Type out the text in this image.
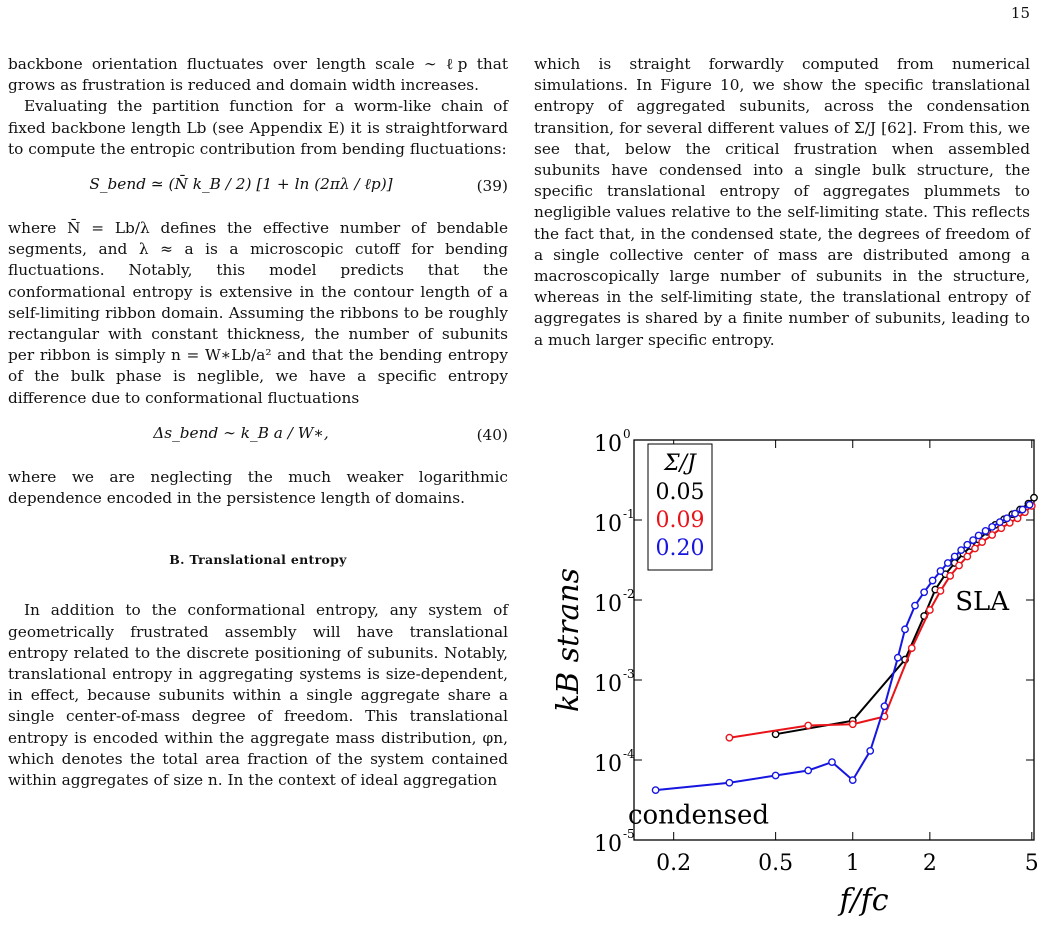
15

backbone orientation fluctuates over length scale ∼ ℓp that grows as frustration is reduced and domain width increases.

Evaluating the partition function for a worm-like chain of fixed backbone length Lb (see Appendix E) it is straightforward to compute the entropic contribution from bending fluctuations:

S_bend ≃ (N̄ k_B / 2) [1 + ln (2πλ / ℓp)]	(39)

where N̄ = Lb/λ defines the effective number of bendable segments, and λ ≈ a is a microscopic cutoff for bending fluctuations. Notably, this model predicts that the conformational entropy is extensive in the contour length of a self-limiting ribbon domain. Assuming the ribbons to be roughly rectangular with constant thickness, the number of subunits per ribbon is simply n = W∗Lb/a² and that the bending entropy of the bulk phase is neglible, we have a specific entropy difference due to conformational fluctuations

Δs_bend ∼ k_B a / W∗,	(40)

where we are neglecting the much weaker logarithmic dependence encoded in the persistence length of domains.

B. Translational entropy

In addition to the conformational entropy, any system of geometrically frustrated assembly will have translational entropy related to the discrete positioning of subunits. Notably, translational entropy in aggregating systems is size-dependent, in effect, because subunits within a single aggregate share a single center-of-mass degree of freedom. This translational entropy is encoded within the aggregate mass distribution, φn, which denotes the total area fraction of the system contained within aggregates of size n. In the context of ideal aggregation

which is straight forwardly computed from numerical simulations. In Figure 10, we show the specific translational entropy of aggregated subunits, across the condensation transition, for several different values of Σ/J [62]. From this, we see that, below the critical frustration when assembled subunits have condensed into a single bulk structure, the specific translational entropy of aggregates plummets to negligible values relative to the self-limiting state. This reflects the fact that, in the condensed state, the degrees of freedom of a single collective center of mass are distributed among a macroscopically large number of subunits in the structure, whereas in the self-limiting state, the translational entropy of aggregates is shared by a finite number of subunits, leading to a much larger specific entropy.

0.2	0.5 1	2	5
10 0
10 -1
10 -2
10 -3
10 -4
10 -5
kB strans
f/fc
Σ/J
0.05
0.09
0.20
SLA
condensed
